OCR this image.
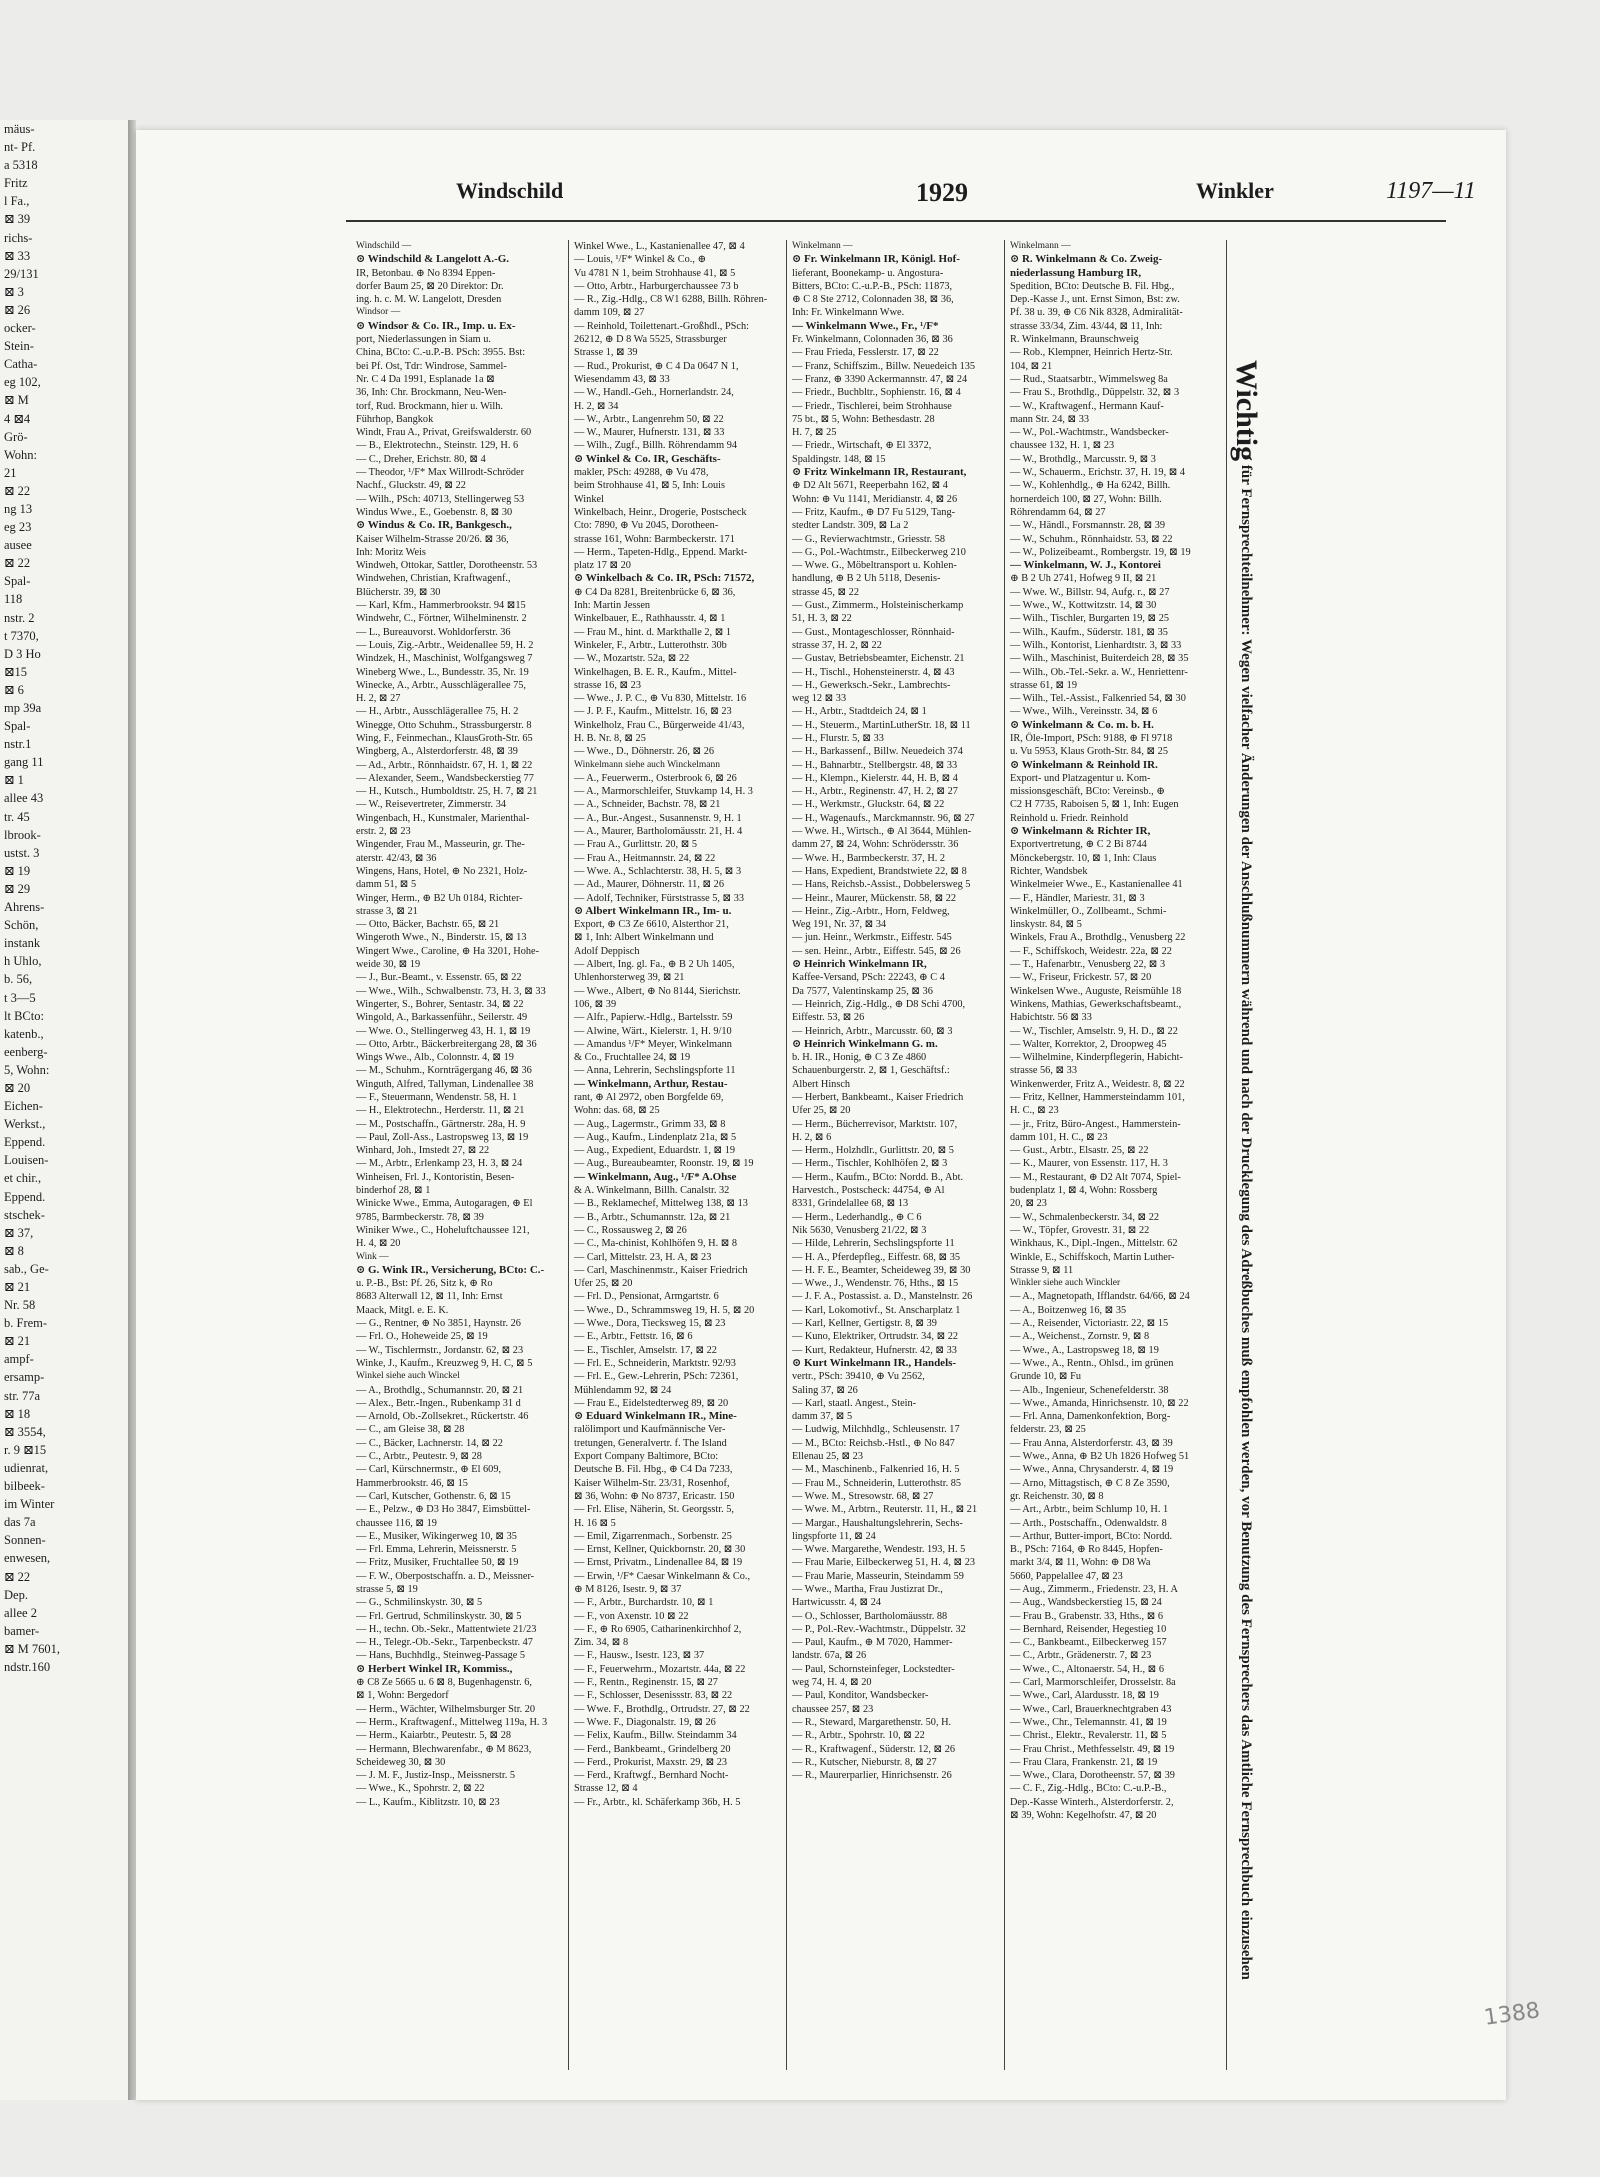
mäus-
nt- Pf.
a 5318
Fritz
l Fa.,
⊠ 39
richs-
⊠ 33
29/131
⊠ 3
⊠ 26
ocker-
Stein-
Catha-
eg 102,
⊠ M
4 ⊠4
Grö-
Wohn:
21
⊠ 22
ng 13
eg 23
ausee
⊠ 22
Spal-
118
nstr. 2
t 7370,
D 3 Ho
⊠15
⊠ 6
mp 39a
Spal-
nstr.1
gang 11
⊠ 1
allee 43
tr. 45
lbrook-
ustst. 3
⊠ 19
⊠ 29
Ahrens-
Schön,
instank
h Uhlo,
b. 56,
t 3—5
lt BCto:
katenb.,
eenberg-
5, Wohn:
⊠ 20
Eichen-
Werkst.,
Eppend.
Louisen-
et chir.,
Eppend.
stschek-
⊠ 37,
⊠ 8
sab., Ge-
⊠ 21
Nr. 58
b. Frem-
⊠ 21
ampf-
ersamp-
str. 77a
⊠ 18
⊠ 3554,
r. 9 ⊠15
udienrat,
bilbeek-
im Winter
das 7a
Sonnen-
enwesen,
⊠ 22
Dep.
allee 2
bamer-
⊠ M 7601,
ndstr.160
Windschild	1929	Winkler	1197—11
Windschild —
⊙ Windschild & Langelott A.-G.
IR, Betonbau. ⊕ No 8394 Eppen-
dorfer Baum 25, ⊠ 20 Direktor: Dr.
ing. h. c. M. W. Langelott, Dresden
Windsor —
⊙ Windsor & Co. IR., Imp. u. Ex-
port, Niederlassungen in Siam u.
China, BCto: C.-u.P.-B. PSch: 3955. Bst:
bei Pf. Ost, Tdr: Windrose, Sammel-
Nr. C 4 Da 1991, Esplanade 1a ⊠
36, Inh: Chr. Brockmann, Neu-Wen-
torf, Rud. Brockmann, hier u. Wilh.
Führhop, Bangkok
Windt, Frau A., Privat, Greifswalderstr. 60
— B., Elektrotechn., Steinstr. 129, H. 6
— C., Dreher, Erichstr. 80, ⊠ 4
— Theodor, ¹/F* Max Willrodt-Schröder
Nachf., Gluckstr. 49, ⊠ 22
— Wilh., PSch: 40713, Stellingerweg 53
Windus Wwe., E., Goebenstr. 8, ⊠ 30
⊙ Windus & Co. IR, Bankgesch.,
Kaiser Wilhelm-Strasse 20/26. ⊠ 36,
Inh: Moritz Weis
Windweh, Ottokar, Sattler, Dorotheenstr. 53
Windwehen, Christian, Kraftwagenf.,
Blücherstr. 39, ⊠ 30
— Karl, Kfm., Hammerbrookstr. 94 ⊠15
Windwehr, C., Förtner, Wilhelminenstr. 2
— L., Bureauvorst. Wohldorferstr. 36
— Louis, Zig.-Arbtr., Weidenallee 59, H. 2
Windzek, H., Maschinist, Wolfgangsweg 7
Wineberg Wwe., L., Bundesstr. 35, Nr. 19
Winecke, A., Arbtr., Ausschlägerallee 75,
H. 2, ⊠ 27
— H., Arbtr., Ausschlägerallee 75, H. 2
Winegge, Otto Schuhm., Strassburgerstr. 8
Wing, F., Feinmechan., KlausGroth-Str. 65
Wingberg, A., Alsterdorferstr. 48, ⊠ 39
— Ad., Arbtr., Rönnhaidstr. 67, H. 1, ⊠ 22
— Alexander, Seem., Wandsbeckerstieg 77
— H., Kutsch., Humboldtstr. 25, H. 7, ⊠ 21
— W., Reisevertreter, Zimmerstr. 34
Wingenbach, H., Kunstmaler, Marienthal-
erstr. 2, ⊠ 23
Wingender, Frau M., Masseurin, gr. The-
aterstr. 42/43, ⊠ 36
Wingens, Hans, Hotel, ⊕ No 2321, Holz-
damm 51, ⊠ 5
Winger, Herm., ⊕ B2 Uh 0184, Richter-
strasse 3, ⊠ 21
— Otto, Bäcker, Bachstr. 65, ⊠ 21
Wingeroth Wwe., N., Binderstr. 15, ⊠ 13
Wingert Wwe., Caroline, ⊕ Ha 3201, Hohe-
weide 30, ⊠ 19
— J., Bur.-Beamt., v. Essenstr. 65, ⊠ 22
— Wwe., Wilh., Schwalbenstr. 73, H. 3, ⊠ 33
Wingerter, S., Bohrer, Sentastr. 34, ⊠ 22
Wingold, A., Barkassenführ., Seilerstr. 49
— Wwe. O., Stellingerweg 43, H. 1, ⊠ 19
— Otto, Arbtr., Bäckerbreitergang 28, ⊠ 36
Wings Wwe., Alb., Colonnstr. 4, ⊠ 19
— M., Schuhm., Kornträgergang 46, ⊠ 36
Winguth, Alfred, Tallyman, Lindenallee 38
— F., Steuermann, Wendenstr. 58, H. 1
— H., Elektrotechn., Herderstr. 11, ⊠ 21
— M., Postschaffn., Gärtnerstr. 28a, H. 9
— Paul, Zoll-Ass., Lastropsweg 13, ⊠ 19
Winhard, Joh., Imstedt 27, ⊠ 22
— M., Arbtr., Erlenkamp 23, H. 3, ⊠ 24
Winheisen, Frl. J., Kontoristin, Besen-
binderhof 28, ⊠ 1
Winicke Wwe., Emma, Autogaragen, ⊕ El
9785, Barmbeckerstr. 78, ⊠ 39
Winiker Wwe., C., Hoheluftchaussee 121,
H. 4, ⊠ 20
Wink —
⊙ G. Wink IR., Versicherung, BCto: C.-
u. P.-B., Bst: Pf. 26, Sitz k, ⊕ Ro
8683 Alterwall 12, ⊠ 11, Inh: Ernst
Maack, Mitgl. e. E. K.
— G., Rentner, ⊕ No 3851, Haynstr. 26
— Frl. O., Hoheweide 25, ⊠ 19
— W., Tischlermstr., Jordanstr. 62, ⊠ 23
Winke, J., Kaufm., Kreuzweg 9, H. C, ⊠ 5
Winkel siehe auch Winckel
— A., Brothdlg., Schumannstr. 20, ⊠ 21
— Alex., Betr.-Ingen., Rubenkamp 31 d
— Arnold, Ob.-Zollsekret., Rückertstr. 46
— C., am Gleise 38, ⊠ 28
— C., Bäcker, Lachnerstr. 14, ⊠ 22
— C., Arbtr., Peutestr. 9, ⊠ 28
— Carl, Kürschnermstr., ⊕ El 609,
Hammerbrookstr. 46, ⊠ 15
— Carl, Kutscher, Gothenstr. 6, ⊠ 15
— E., Pelzw., ⊕ D3 Ho 3847, Eimsbüttel-
chaussee 116, ⊠ 19
— E., Musiker, Wikingerweg 10, ⊠ 35
— Frl. Emma, Lehrerin, Meissnerstr. 5
— Fritz, Musiker, Fruchtallee 50, ⊠ 19
— F. W., Oberpostschaffn. a. D., Meissner-
strasse 5, ⊠ 19
— G., Schmilinskystr. 30, ⊠ 5
— Frl. Gertrud, Schmilinskystr. 30, ⊠ 5
— H., techn. Ob.-Sekr., Mattentwiete 21/23
— H., Telegr.-Ob.-Sekr., Tarpenbeckstr. 47
— Hans, Buchhdlg., Steinweg-Passage 5
⊙ Herbert Winkel IR, Kommiss.,
⊕ C8 Ze 5665 u. 6 ⊠ 8, Bugenhagenstr. 6,
⊠ 1, Wohn: Bergedorf
— Herm., Wächter, Wilhelmsburger Str. 20
— Herm., Kraftwagenf., Mittelweg 119a, H. 3
— Herm., Kaiarbtr., Peutestr. 5, ⊠ 28
— Hermann, Blechwarenfabr., ⊕ M 8623,
Scheideweg 30, ⊠ 30
— J. M. F., Justiz-Insp., Meissnerstr. 5
— Wwe., K., Spohrstr. 2, ⊠ 22
— L., Kaufm., Kiblitzstr. 10, ⊠ 23
Winkel Wwe., L., Kastanienallee 47, ⊠ 4
— Louis, ¹/F* Winkel & Co., ⊕
Vu 4781 N 1, beim Strohhause 41, ⊠ 5
— Otto, Arbtr., Harburgerchaussee 73 b
— R., Zig.-Hdlg., C8 W1 6288, Billh. Röhren-
damm 109, ⊠ 27
— Reinhold, Toilettenart.-Großhdl., PSch:
26212, ⊕ D 8 Wa 5525, Strassburger
Strasse 1, ⊠ 39
— Rud., Prokurist, ⊕ C 4 Da 0647 N 1,
Wiesendamm 43, ⊠ 33
— W., Handl.-Geh., Hornerlandstr. 24,
H. 2, ⊠ 34
— W., Arbtr., Langenrehm 50, ⊠ 22
— W., Maurer, Hufnerstr. 131, ⊠ 33
— Wilh., Zugf., Billh. Röhrendamm 94
⊙ Winkel & Co. IR, Geschäfts-
makler, PSch: 49288, ⊕ Vu 478,
beim Strohhause 41, ⊠ 5, Inh: Louis
Winkel
Winkelbach, Heinr., Drogerie, Postscheck
Cto: 7890, ⊕ Vu 2045, Dorotheen-
strasse 161, Wohn: Barmbeckerstr. 171
— Herm., Tapeten-Hdlg., Eppend. Markt-
platz 17 ⊠ 20
⊙ Winkelbach & Co. IR, PSch: 71572,
⊕ C4 Da 8281, Breitenbrücke 6, ⊠ 36,
Inh: Martin Jessen
Winkelbauer, E., Rathhausstr. 4, ⊠ 1
— Frau M., hint. d. Markthalle 2, ⊠ 1
Winkeler, F., Arbtr., Lutterothstr. 30b
— W., Mozartstr. 52a, ⊠ 22
Winkelhagen, B. E. R., Kaufm., Mittel-
strasse 16, ⊠ 23
— Wwe., J. P. C., ⊕ Vu 830, Mittelstr. 16
— J. P. F., Kaufm., Mittelstr. 16, ⊠ 23
Winkelholz, Frau C., Bürgerweide 41/43,
H. B. Nr. 8, ⊠ 25
— Wwe., D., Döhnerstr. 26, ⊠ 26
Winkelmann siehe auch Winckelmann
— A., Feuerwerm., Osterbrook 6, ⊠ 26
— A., Marmorschleifer, Stuvkamp 14, H. 3
— A., Schneider, Bachstr. 78, ⊠ 21
— A., Bur.-Angest., Susannenstr. 9, H. 1
— A., Maurer, Bartholomäusstr. 21, H. 4
— Frau A., Gurlittstr. 20, ⊠ 5
— Frau A., Heitmannstr. 24, ⊠ 22
— Wwe. A., Schlachterstr. 38, H. 5, ⊠ 3
— Ad., Maurer, Döhnerstr. 11, ⊠ 26
— Adolf, Techniker, Fürststrasse 5, ⊠ 33
⊙ Albert Winkelmann IR., Im- u.
Export, ⊕ C3 Ze 6610, Alsterthor 21,
⊠ 1, Inh: Albert Winkelmann und
Adolf Deppisch
— Albert, Ing. gl. Fa., ⊕ B 2 Uh 1405,
Uhlenhorsterweg 39, ⊠ 21
— Wwe., Albert, ⊕ No 8144, Sierichstr.
106, ⊠ 39
— Alfr., Papierw.-Hdlg., Bartelsstr. 59
— Alwine, Wärt., Kielerstr. 1, H. 9/10
— Amandus ¹/F* Meyer, Winkelmann
& Co., Fruchtallee 24, ⊠ 19
— Anna, Lehrerin, Sechslingspforte 11
— Winkelmann, Arthur, Restau-
rant, ⊕ Al 2972, oben Borgfelde 69,
Wohn: das. 68, ⊠ 25
— Aug., Lagermstr., Grimm 33, ⊠ 8
— Aug., Kaufm., Lindenplatz 21a, ⊠ 5
— Aug., Expedient, Eduardstr. 1, ⊠ 19
— Aug., Bureaubeamter, Roonstr. 19, ⊠ 19
— Winkelmann, Aug., ¹/F* A.Ohse
& A. Winkelmann, Billh. Canalstr. 32
— B., Reklamechef, Mittelweg 138, ⊠ 13
— B., Arbtr., Schumannstr. 12a, ⊠ 21
— C., Rossausweg 2, ⊠ 26
— C., Ma-chinist, Kohlhöfen 9, H. ⊠ 8
— Carl, Mittelstr. 23, H. A, ⊠ 23
— Carl, Maschinenmstr., Kaiser Friedrich
Ufer 25, ⊠ 20
— Frl. D., Pensionat, Armgartstr. 6
— Wwe., D., Schrammsweg 19, H. 5, ⊠ 20
— Wwe., Dora, Tiecksweg 15, ⊠ 23
— E., Arbtr., Fettstr. 16, ⊠ 6
— E., Tischler, Amselstr. 17, ⊠ 22
— Frl. E., Schneiderin, Marktstr. 92/93
— Frl. E., Gew.-Lehrerin, PSch: 72361,
Mühlendamm 92, ⊠ 24
— Frau E., Eidelstedterweg 89, ⊠ 20
⊙ Eduard Winkelmann IR., Mine-
ralölimport und Kaufmännische Ver-
tretungen, Generalvertr. f. The Island
Export Company Baltimore, BCto:
Deutsche B. Fil. Hbg., ⊕ C4 Da 7233,
Kaiser Wilhelm-Str. 23/31, Rosenhof,
⊠ 36, Wohn: ⊕ No 8737, Ericastr. 150
— Frl. Elise, Näherin, St. Georgsstr. 5,
H. 16 ⊠ 5
— Emil, Zigarrenmach., Sorbenstr. 25
— Ernst, Kellner, Quickbornstr. 20, ⊠ 30
— Ernst, Privatm., Lindenallee 84, ⊠ 19
— Erwin, ¹/F* Caesar Winkelmann & Co.,
⊕ M 8126, Isestr. 9, ⊠ 37
— F., Arbtr., Burchardstr. 10, ⊠ 1
— F., von Axenstr. 10 ⊠ 22
— F., ⊕ Ro 6905, Catharinenkirchhof 2,
Zim. 34, ⊠ 8
— F., Hausw., Isestr. 123, ⊠ 37
— F., Feuerwehrm., Mozartstr. 44a, ⊠ 22
— F., Rentn., Reginenstr. 15, ⊠ 27
— F., Schlosser, Desenissstr. 83, ⊠ 22
— Wwe. F., Brothdlg., Ortrudstr. 27, ⊠ 22
— Wwe. F., Diagonalstr. 19, ⊠ 26
— Felix, Kaufm., Billw. Steindamm 34
— Ferd., Bankbeamt., Grindelberg 20
— Ferd., Prokurist, Maxstr. 29, ⊠ 23
— Ferd., Kraftwgf., Bernhard Nocht-
Strasse 12, ⊠ 4
— Fr., Arbtr., kl. Schäferkamp 36b, H. 5
Winkelmann —
⊙ Fr. Winkelmann IR, Königl. Hof-
lieferant, Boonekamp- u. Angostura-
Bitters, BCto: C.-u.P.-B., PSch: 11873,
⊕ C 8 Ste 2712, Colonnaden 38, ⊠ 36,
Inh: Fr. Winkelmann Wwe.
— Winkelmann Wwe., Fr., ¹/F*
Fr. Winkelmann, Colonnaden 36, ⊠ 36
— Frau Frieda, Fesslerstr. 17, ⊠ 22
— Franz, Schiffszim., Billw. Neuedeich 135
— Franz, ⊕ 3390 Ackermannstr. 47, ⊠ 24
— Friedr., Buchbltr., Sophienstr. 16, ⊠ 4
— Friedr., Tischlerei, beim Strohhause
75 bt., ⊠ 5, Wohn: Bethesdastr. 28
H. 7, ⊠ 25
— Friedr., Wirtschaft, ⊕ El 3372,
Spaldingstr. 148, ⊠ 15
⊙ Fritz Winkelmann IR, Restaurant,
⊕ D2 Alt 5671, Reeperbahn 162, ⊠ 4
Wohn: ⊕ Vu 1141, Meridianstr. 4, ⊠ 26
— Fritz, Kaufm., ⊕ D7 Fu 5129, Tang-
stedter Landstr. 309, ⊠ La 2
— G., Revierwachtmstr., Griesstr. 58
— G., Pol.-Wachtmstr., Eilbeckerweg 210
— Wwe. G., Möbeltransport u. Kohlen-
handlung, ⊕ B 2 Uh 5118, Desenis-
strasse 45, ⊠ 22
— Gust., Zimmerm., Holsteinischerkamp
51, H. 3, ⊠ 22
— Gust., Montageschlosser, Rönnhaid-
strasse 37, H. 2, ⊠ 22
— Gustav, Betriebsbeamter, Eichenstr. 21
— H., Tischl., Hohensteinerstr. 4, ⊠ 43
— H., Gewerksch.-Sekr., Lambrechts-
weg 12 ⊠ 33
— H., Arbtr., Stadtdeich 24, ⊠ 1
— H., Steuerm., MartinLutherStr. 18, ⊠ 11
— H., Flurstr. 5, ⊠ 33
— H., Barkassenf., Billw. Neuedeich 374
— H., Bahnarbtr., Stellbergstr. 48, ⊠ 33
— H., Klempn., Kielerstr. 44, H. B, ⊠ 4
— H., Arbtr., Reginenstr. 47, H. 2, ⊠ 27
— H., Werkmstr., Gluckstr. 64, ⊠ 22
— H., Wagenaufs., Marckmannstr. 96, ⊠ 27
— Wwe. H., Wirtsch., ⊕ Al 3644, Mühlen-
damm 27, ⊠ 24, Wohn: Schrödersstr. 36
— Wwe. H., Barmbeckerstr. 37, H. 2
— Hans, Expedient, Brandstwiete 22, ⊠ 8
— Hans, Reichsb.-Assist., Dobbelersweg 5
— Heinr., Maurer, Mückenstr. 58, ⊠ 22
— Heinr., Zig.-Arbtr., Horn, Feldweg,
Weg 191, Nr. 37, ⊠ 34
— jun. Heinr., Werkmstr., Eiffestr. 545
— sen. Heinr., Arbtr., Eiffestr. 545, ⊠ 26
⊙ Heinrich Winkelmann IR,
Kaffee-Versand, PSch: 22243, ⊕ C 4
Da 7577, Valentinskamp 25, ⊠ 36
— Heinrich, Zig.-Hdlg., ⊕ D8 Schi 4700,
Eiffestr. 53, ⊠ 26
— Heinrich, Arbtr., Marcusstr. 60, ⊠ 3
⊙ Heinrich Winkelmann G. m.
b. H. IR., Honig, ⊕ C 3 Ze 4860
Schauenburgerstr. 2, ⊠ 1, Geschäftsf.:
Albert Hinsch
— Herbert, Bankbeamt., Kaiser Friedrich
Ufer 25, ⊠ 20
— Herm., Bücherrevisor, Marktstr. 107,
H. 2, ⊠ 6
— Herm., Holzhdlr., Gurlittstr. 20, ⊠ 5
— Herm., Tischler, Kohlhöfen 2, ⊠ 3
— Herm., Kaufm., BCto: Nordd. B., Abt.
Harvestch., Postscheck: 44754, ⊕ Al
8331, Grindelallee 68, ⊠ 13
— Herm., Lederhandlg., ⊕ C 6
Nik 5630, Venusberg 21/22, ⊠ 3
— Hilde, Lehrerin, Sechslingspforte 11
— H. A., Pferdepfleg., Eiffestr. 68, ⊠ 35
— H. F. E., Beamter, Scheideweg 39, ⊠ 30
— Wwe., J., Wendenstr. 76, Hths., ⊠ 15
— J. F. A., Postassist. a. D., Manstelnstr. 26
— Karl, Lokomotivf., St. Anscharplatz 1
— Karl, Kellner, Gertigstr. 8, ⊠ 39
— Kuno, Elektriker, Ortrudstr. 34, ⊠ 22
— Kurt, Redakteur, Hufnerstr. 42, ⊠ 33
⊙ Kurt Winkelmann IR., Handels-
vertr., PSch: 39410, ⊕ Vu 2562,
Saling 37, ⊠ 26
— Karl, staatl. Angest., Stein-
damm 37, ⊠ 5
— Ludwig, Milchhdlg., Schleusenstr. 17
— M., BCto: Reichsb.-Hstl., ⊕ No 847
Ellenau 25, ⊠ 23
— M., Maschinenb., Falkenried 16, H. 5
— Frau M., Schneiderin, Lutterothstr. 85
— Wwe. M., Stresowstr. 68, ⊠ 27
— Wwe. M., Arbtrn., Reuterstr. 11, H., ⊠ 21
— Margar., Haushaltungslehrerin, Sechs-
lingspforte 11, ⊠ 24
— Wwe. Margarethe, Wendestr. 193, H. 5
— Frau Marie, Eilbeckerweg 51, H. 4, ⊠ 23
— Frau Marie, Masseurin, Steindamm 59
— Wwe., Martha, Frau Justizrat Dr.,
Hartwicusstr. 4, ⊠ 24
— O., Schlosser, Bartholomäusstr. 88
— P., Pol.-Rev.-Wachtmstr., Düppelstr. 32
— Paul, Kaufm., ⊕ M 7020, Hammer-
landstr. 67a, ⊠ 26
— Paul, Schornsteinfeger, Lockstedter-
weg 74, H. 4, ⊠ 20
— Paul, Konditor, Wandsbecker-
chaussee 257, ⊠ 23
— R., Steward, Margarethenstr. 50, H.
— R., Arbtr., Spohrstr. 10, ⊠ 22
— R., Kraftwagenf., Süderstr. 12, ⊠ 26
— R., Kutscher, Nieburstr. 8, ⊠ 27
— R., Maurerparlier, Hinrichsenstr. 26
Winkelmann —
⊙ R. Winkelmann & Co. Zweig-
niederlassung Hamburg IR,
Spedition, BCto: Deutsche B. Fil. Hbg.,
Dep.-Kasse J., unt. Ernst Simon, Bst: zw.
Pf. 38 u. 39, ⊕ C6 Nik 8328, Admiralität-
strasse 33/34, Zim. 43/44, ⊠ 11, Inh:
R. Winkelmann, Braunschweig
— Rob., Klempner, Heinrich Hertz-Str.
104, ⊠ 21
— Rud., Staatsarbtr., Wimmelsweg 8a
— Frau S., Brothdlg., Düppelstr. 32, ⊠ 3
— W., Kraftwagenf., Hermann Kauf-
mann Str. 24, ⊠ 33
— W., Pol.-Wachtmstr., Wandsbecker-
chaussee 132, H. 1, ⊠ 23
— W., Brothdlg., Marcusstr. 9, ⊠ 3
— W., Schauerm., Erichstr. 37, H. 19, ⊠ 4
— W., Kohlenhdlg., ⊕ Ha 6242, Billh.
hornerdeich 100, ⊠ 27, Wohn: Billh.
Röhrendamm 64, ⊠ 27
— W., Händl., Forsmannstr. 28, ⊠ 39
— W., Schuhm., Rönnhaidstr. 53, ⊠ 22
— W., Polizeibeamt., Rombergstr. 19, ⊠ 19
— Winkelmann, W. J., Kontorei
⊕ B 2 Uh 2741, Hofweg 9 II, ⊠ 21
— Wwe. W., Billstr. 94, Aufg. r., ⊠ 27
— Wwe., W., Kottwitzstr. 14, ⊠ 30
— Wilh., Tischler, Burgarten 19, ⊠ 25
— Wilh., Kaufm., Süderstr. 181, ⊠ 35
— Wilh., Kontorist, Lienhardtstr. 3, ⊠ 33
— Wilh., Maschinist, Buiterdeich 28, ⊠ 35
— Wilh., Ob.-Tel.-Sekr. a. W., Henriettenr-
strasse 61, ⊠ 19
— Wilh., Tel.-Assist., Falkenried 54, ⊠ 30
— Wwe., Wilh., Vereinsstr. 34, ⊠ 6
⊙ Winkelmann & Co. m. b. H.
IR, Öle-Import, PSch: 9188, ⊕ Fl 9718
u. Vu 5953, Klaus Groth-Str. 84, ⊠ 25
⊙ Winkelmann & Reinhold IR.
Export- und Platzagentur u. Kom-
missionsgeschäft, BCto: Vereinsb., ⊕
C2 H 7735, Raboisen 5, ⊠ 1, Inh: Eugen
Reinhold u. Friedr. Reinhold
⊙ Winkelmann & Richter IR,
Exportvertretung, ⊕ C 2 Bi 8744
Mönckebergstr. 10, ⊠ 1, Inh: Claus
Richter, Wandsbek
Winkelmeier Wwe., E., Kastanienallee 41
— F., Händler, Mariestr. 31, ⊠ 3
Winkelmüller, O., Zollbeamt., Schmi-
linskystr. 84, ⊠ 5
Winkels, Frau A., Brothdlg., Venusberg 22
— F., Schiffskoch, Weidestr. 22a, ⊠ 22
— T., Hafenarbtr., Venusberg 22, ⊠ 3
— W., Friseur, Frickestr. 57, ⊠ 20
Winkelsen Wwe., Auguste, Reismühle 18
Winkens, Mathias, Gewerkschaftsbeamt.,
Habichtstr. 56 ⊠ 33
— W., Tischler, Amselstr. 9, H. D., ⊠ 22
— Walter, Korrektor, 2, Droopweg 45
— Wilhelmine, Kinderpflegerin, Habicht-
strasse 56, ⊠ 33
Winkenwerder, Fritz A., Weidestr. 8, ⊠ 22
— Fritz, Kellner, Hammersteindamm 101,
H. C., ⊠ 23
— jr., Fritz, Büro-Angest., Hammerstein-
damm 101, H. C., ⊠ 23
— Gust., Arbtr., Elsastr. 25, ⊠ 22
— K., Maurer, von Essenstr. 117, H. 3
— M., Restaurant, ⊕ D2 Alt 7074, Spiel-
budenplatz 1, ⊠ 4, Wohn: Rossberg
20, ⊠ 23
— W., Schmalenbeckerstr. 34, ⊠ 22
— W., Töpfer, Grovestr. 31, ⊠ 22
Winkhaus, K., Dipl.-Ingen., Mittelstr. 62
Winkle, E., Schiffskoch, Martin Luther-
Strasse 9, ⊠ 11
Winkler siehe auch Winckler
— A., Magnetopath, Ifflandstr. 64/66, ⊠ 24
— A., Boitzenweg 16, ⊠ 35
— A., Reisender, Victoriastr. 22, ⊠ 15
— A., Weichenst., Zornstr. 9, ⊠ 8
— Wwe., A., Lastropsweg 18, ⊠ 19
— Wwe., A., Rentn., Ohlsd., im grünen
Grunde 10, ⊠ Fu
— Alb., Ingenieur, Schenefelderstr. 38
— Wwe., Amanda, Hinrichsenstr. 10, ⊠ 22
— Frl. Anna, Damenkonfektion, Borg-
felderstr. 23, ⊠ 25
— Frau Anna, Alsterdorferstr. 43, ⊠ 39
— Wwe., Anna, ⊕ B2 Uh 1826 Hofweg 51
— Wwe., Anna, Chrysanderstr. 4, ⊠ 19
— Arno, Mittagstisch, ⊕ C 8 Ze 3590,
gr. Reichenstr. 30, ⊠ 8
— Art., Arbtr., beim Schlump 10, H. 1
— Arth., Postschaffn., Odenwaldstr. 8
— Arthur, Butter-import, BCto: Nordd.
B., PSch: 7164, ⊕ Ro 8445, Hopfen-
markt 3/4, ⊠ 11, Wohn: ⊕ D8 Wa
5660, Pappelallee 47, ⊠ 23
— Aug., Zimmerm., Friedenstr. 23, H. A
— Aug., Wandsbeckerstieg 15, ⊠ 24
— Frau B., Grabenstr. 33, Hths., ⊠ 6
— Bernhard, Reisender, Hegestieg 10
— C., Bankbeamt., Eilbeckerweg 157
— C., Arbtr., Grädenerstr. 7, ⊠ 23
— Wwe., C., Altonaerstr. 54, H., ⊠ 6
— Carl, Marmorschleifer, Drosselstr. 8a
— Wwe., Carl, Alardusstr. 18, ⊠ 19
— Wwe., Carl, Brauerknechtgraben 43
— Wwe., Chr., Telemannstr. 41, ⊠ 19
— Christ., Elektr., Revalerstr. 11, ⊠ 5
— Frau Christ., Methfesselstr. 49, ⊠ 19
— Frau Clara, Frankenstr. 21, ⊠ 19
— Wwe., Clara, Dorotheenstr. 57, ⊠ 39
— C. F., Zig.-Hdlg., BCto: C.-u.P.-B.,
Dep.-Kasse Winterh., Alsterdorferstr. 2,
⊠ 39, Wohn: Kegelhofstr. 47, ⊠ 20
Wichtig für Fernsprechteilnehmer: Wegen vielfacher Änderungen der Anschlußnummern während und nach der Drucklegung des Adreßbuches muß empfohlen werden, vor Benutzung des Fernsprechers das Amtliche Fernsprechbuch einzusehen
1388
